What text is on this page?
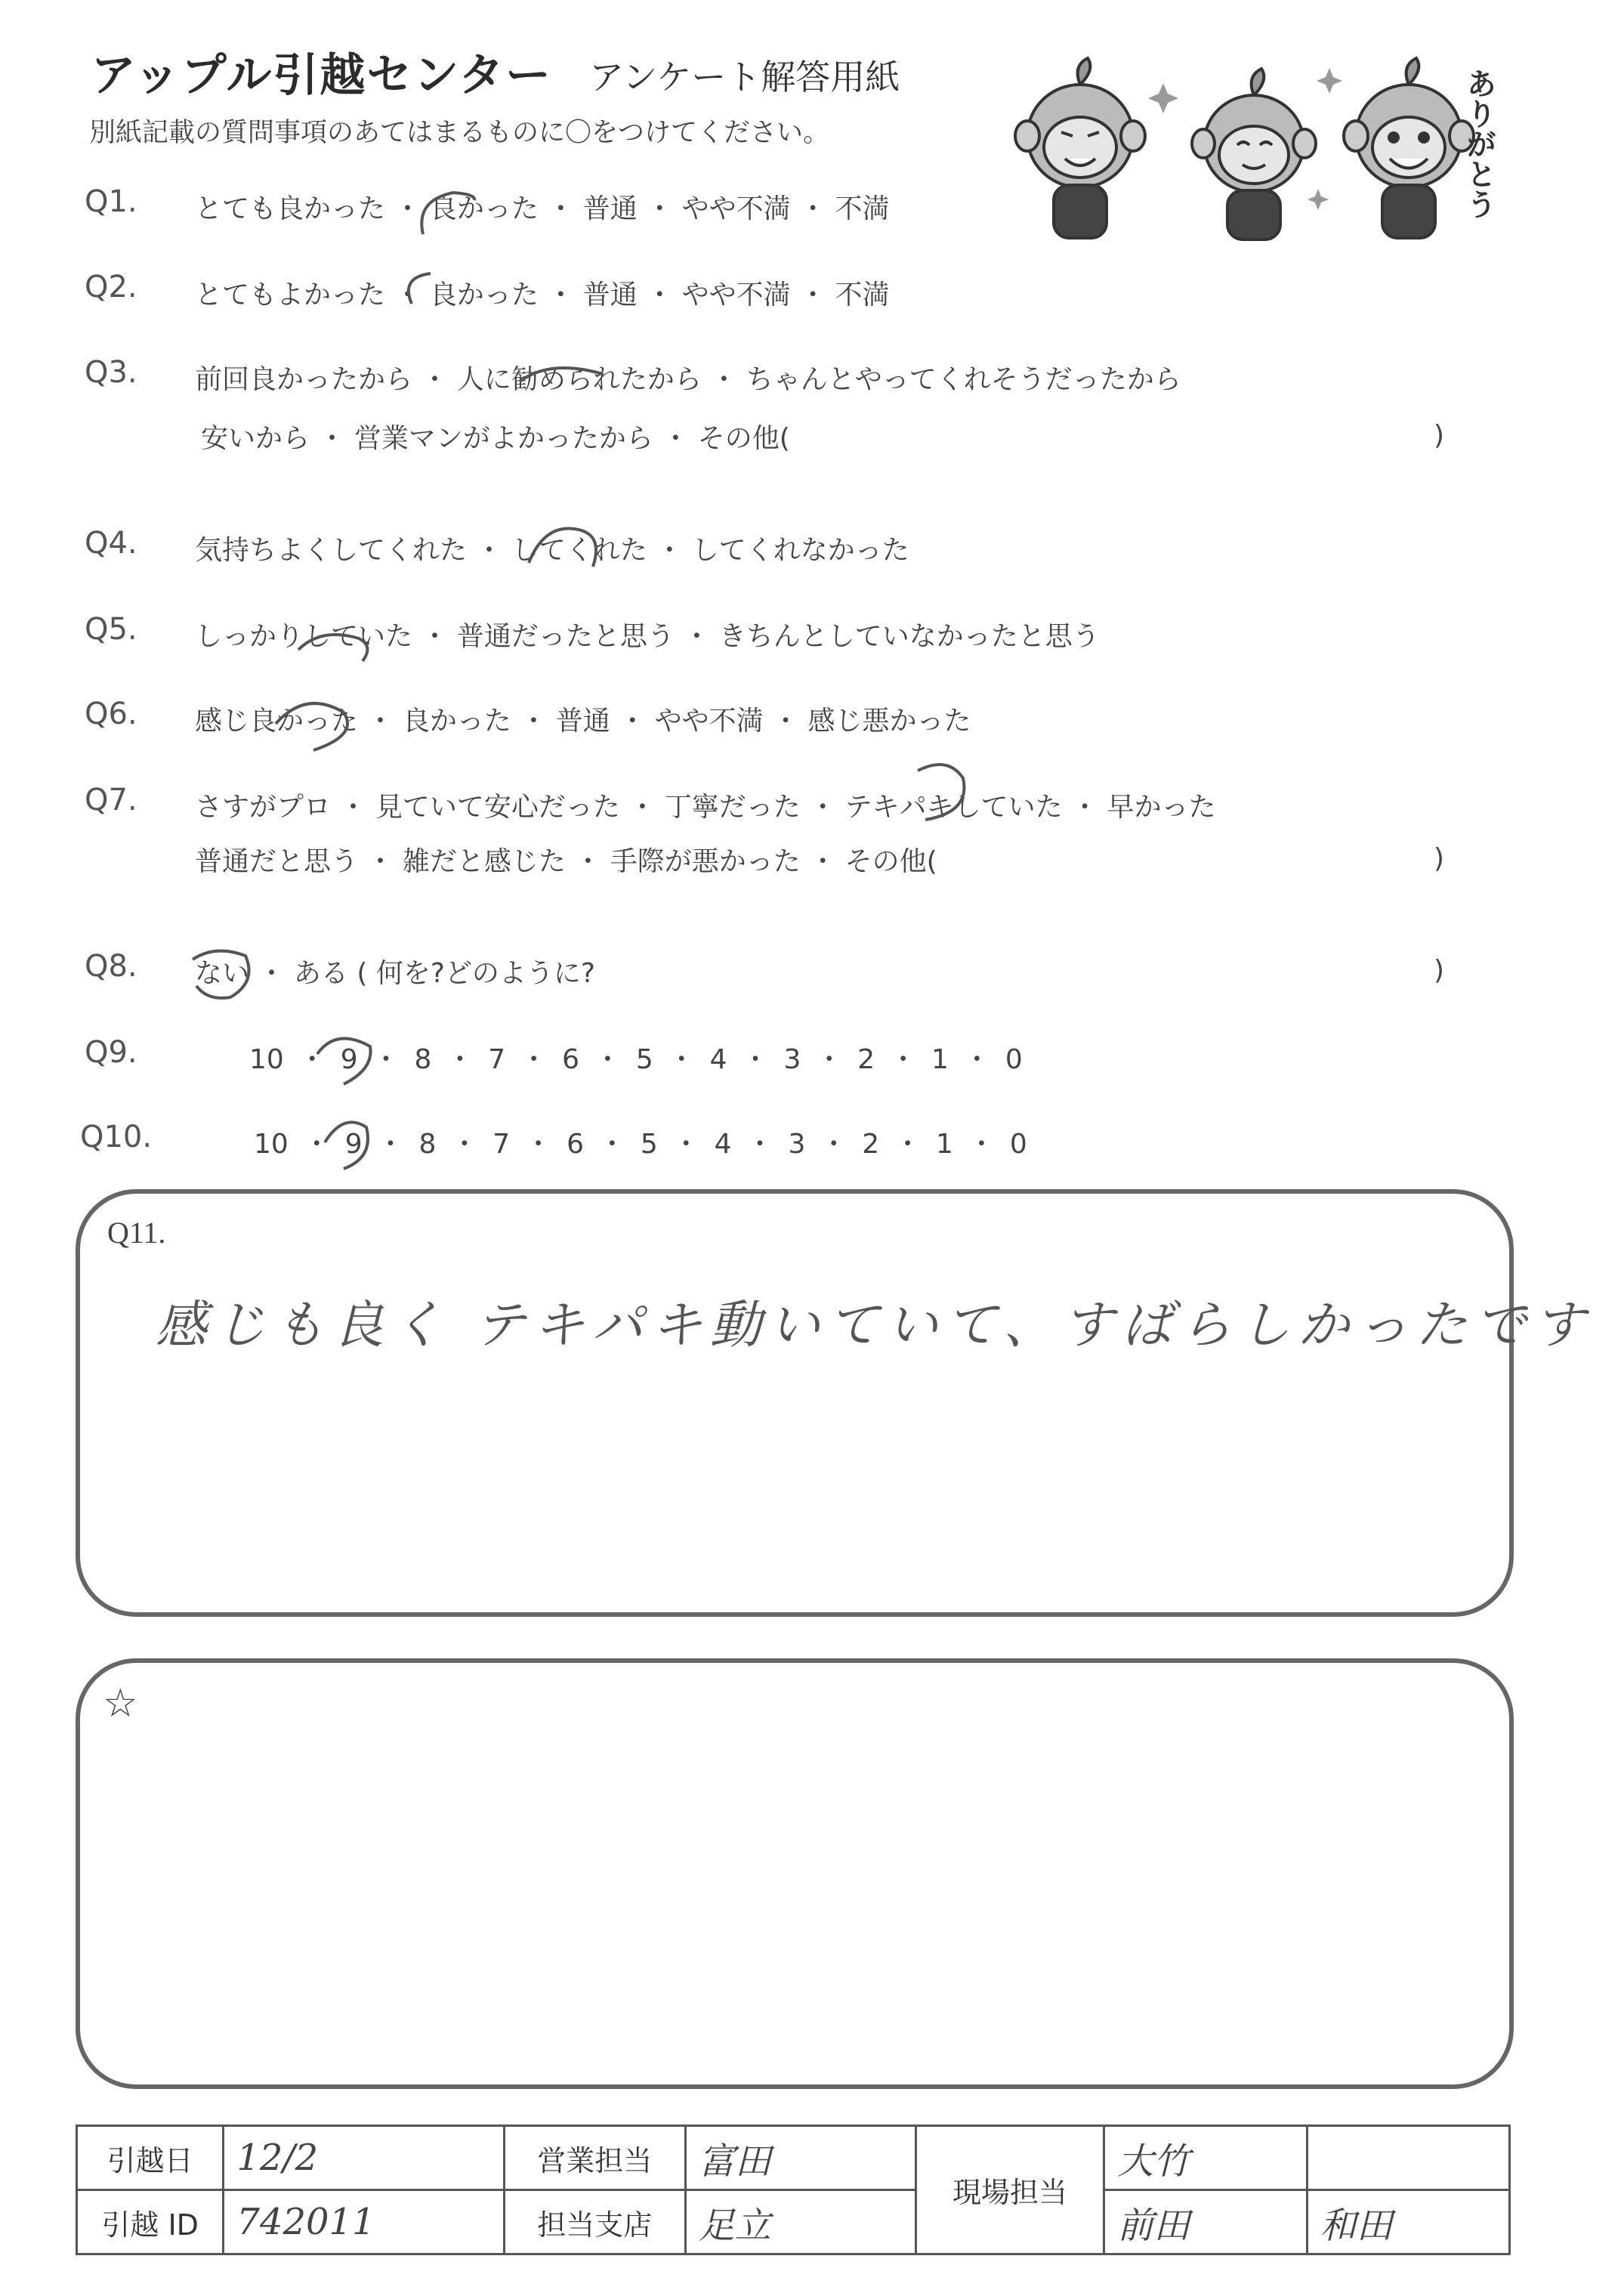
アップル引越センター アンケート解答用紙
別紙記載の質問事項のあてはまるものに〇をつけてください。	ありがとう
Q1. とても良かった ・ 良かった ・ 普通 ・ やや不満 ・ 不満
Q2. とてもよかった ・ 良かった ・ 普通 ・ やや不満 ・ 不満
Q3. 前回良かったから ・ 人に勧められたから ・ ちゃんとやってくれそうだったから
安いから ・ 営業マンがよかったから ・ その他(	)
Q4. 気持ちよくしてくれた ・ してくれた ・ してくれなかった
Q5. しっかりしていた ・ 普通だったと思う ・ きちんとしていなかったと思う
Q6. 感じ良かった ・ 良かった ・ 普通 ・ やや不満 ・ 感じ悪かった
Q7. さすがプロ ・ 見ていて安心だった ・ 丁寧だった ・ テキパキしていた ・ 早かった
普通だと思う ・ 雑だと感じた ・ 手際が悪かった ・ その他(	)
Q8. ない ・ ある ( 何を?どのように?	)
Q9.	10 ・ 9 ・ 8 ・ 7 ・ 6 ・ 5 ・ 4 ・ 3 ・ 2 ・ 1 ・ 0
Q10.	10 ・ 9 ・ 8 ・ 7 ・ 6 ・ 5 ・ 4 ・ 3 ・ 2 ・ 1 ・ 0
Q11.
感じも良く テキパキ動いていて、すばらしかったです
☆
引越日	12/2	営業担当	富田	現場担当	大竹	
引越 ID	742011	担当支店	足立		前田	和田
